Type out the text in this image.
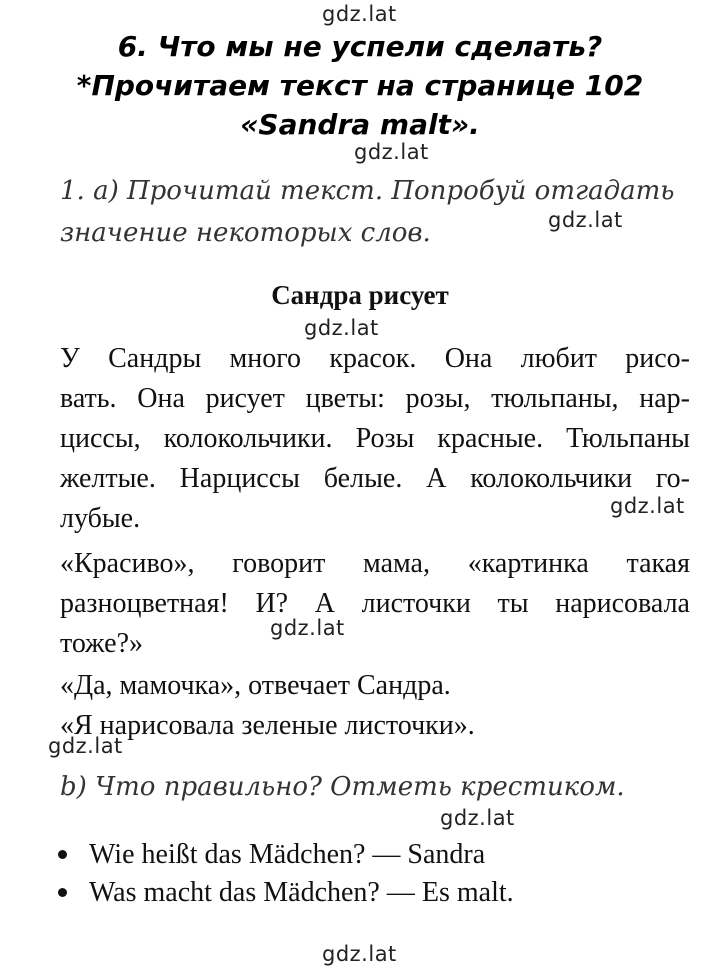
gdz.lat
gdz.lat
gdz.lat
gdz.lat
gdz.lat
gdz.lat
gdz.lat
gdz.lat
gdz.lat
6. Что мы не успели сделать?
*Прочитаем текст на странице 102
«Sandra malt».
1. a) Прочитай текст. Попробуй отгадать
значение некоторых слов.
Сандра рисует
У Сандры много красок. Она любит рисо-
вать. Она рисует цветы: розы, тюльпаны, нар-
циссы, колокольчики. Розы красные. Тюльпаны
желтые. Нарциссы белые. А колокольчики го-
лубые.
«Красиво», говорит мама, «картинка такая
разноцветная! И? А листочки ты нарисовала
тоже?»
«Да, мамочка», отвечает Сандра.
«Я нарисовала зеленые листочки».
b) Что правильно? Отметь крестиком.
Wie heißt das Mädchen? — Sandra
Was macht das Mädchen? — Es malt.
